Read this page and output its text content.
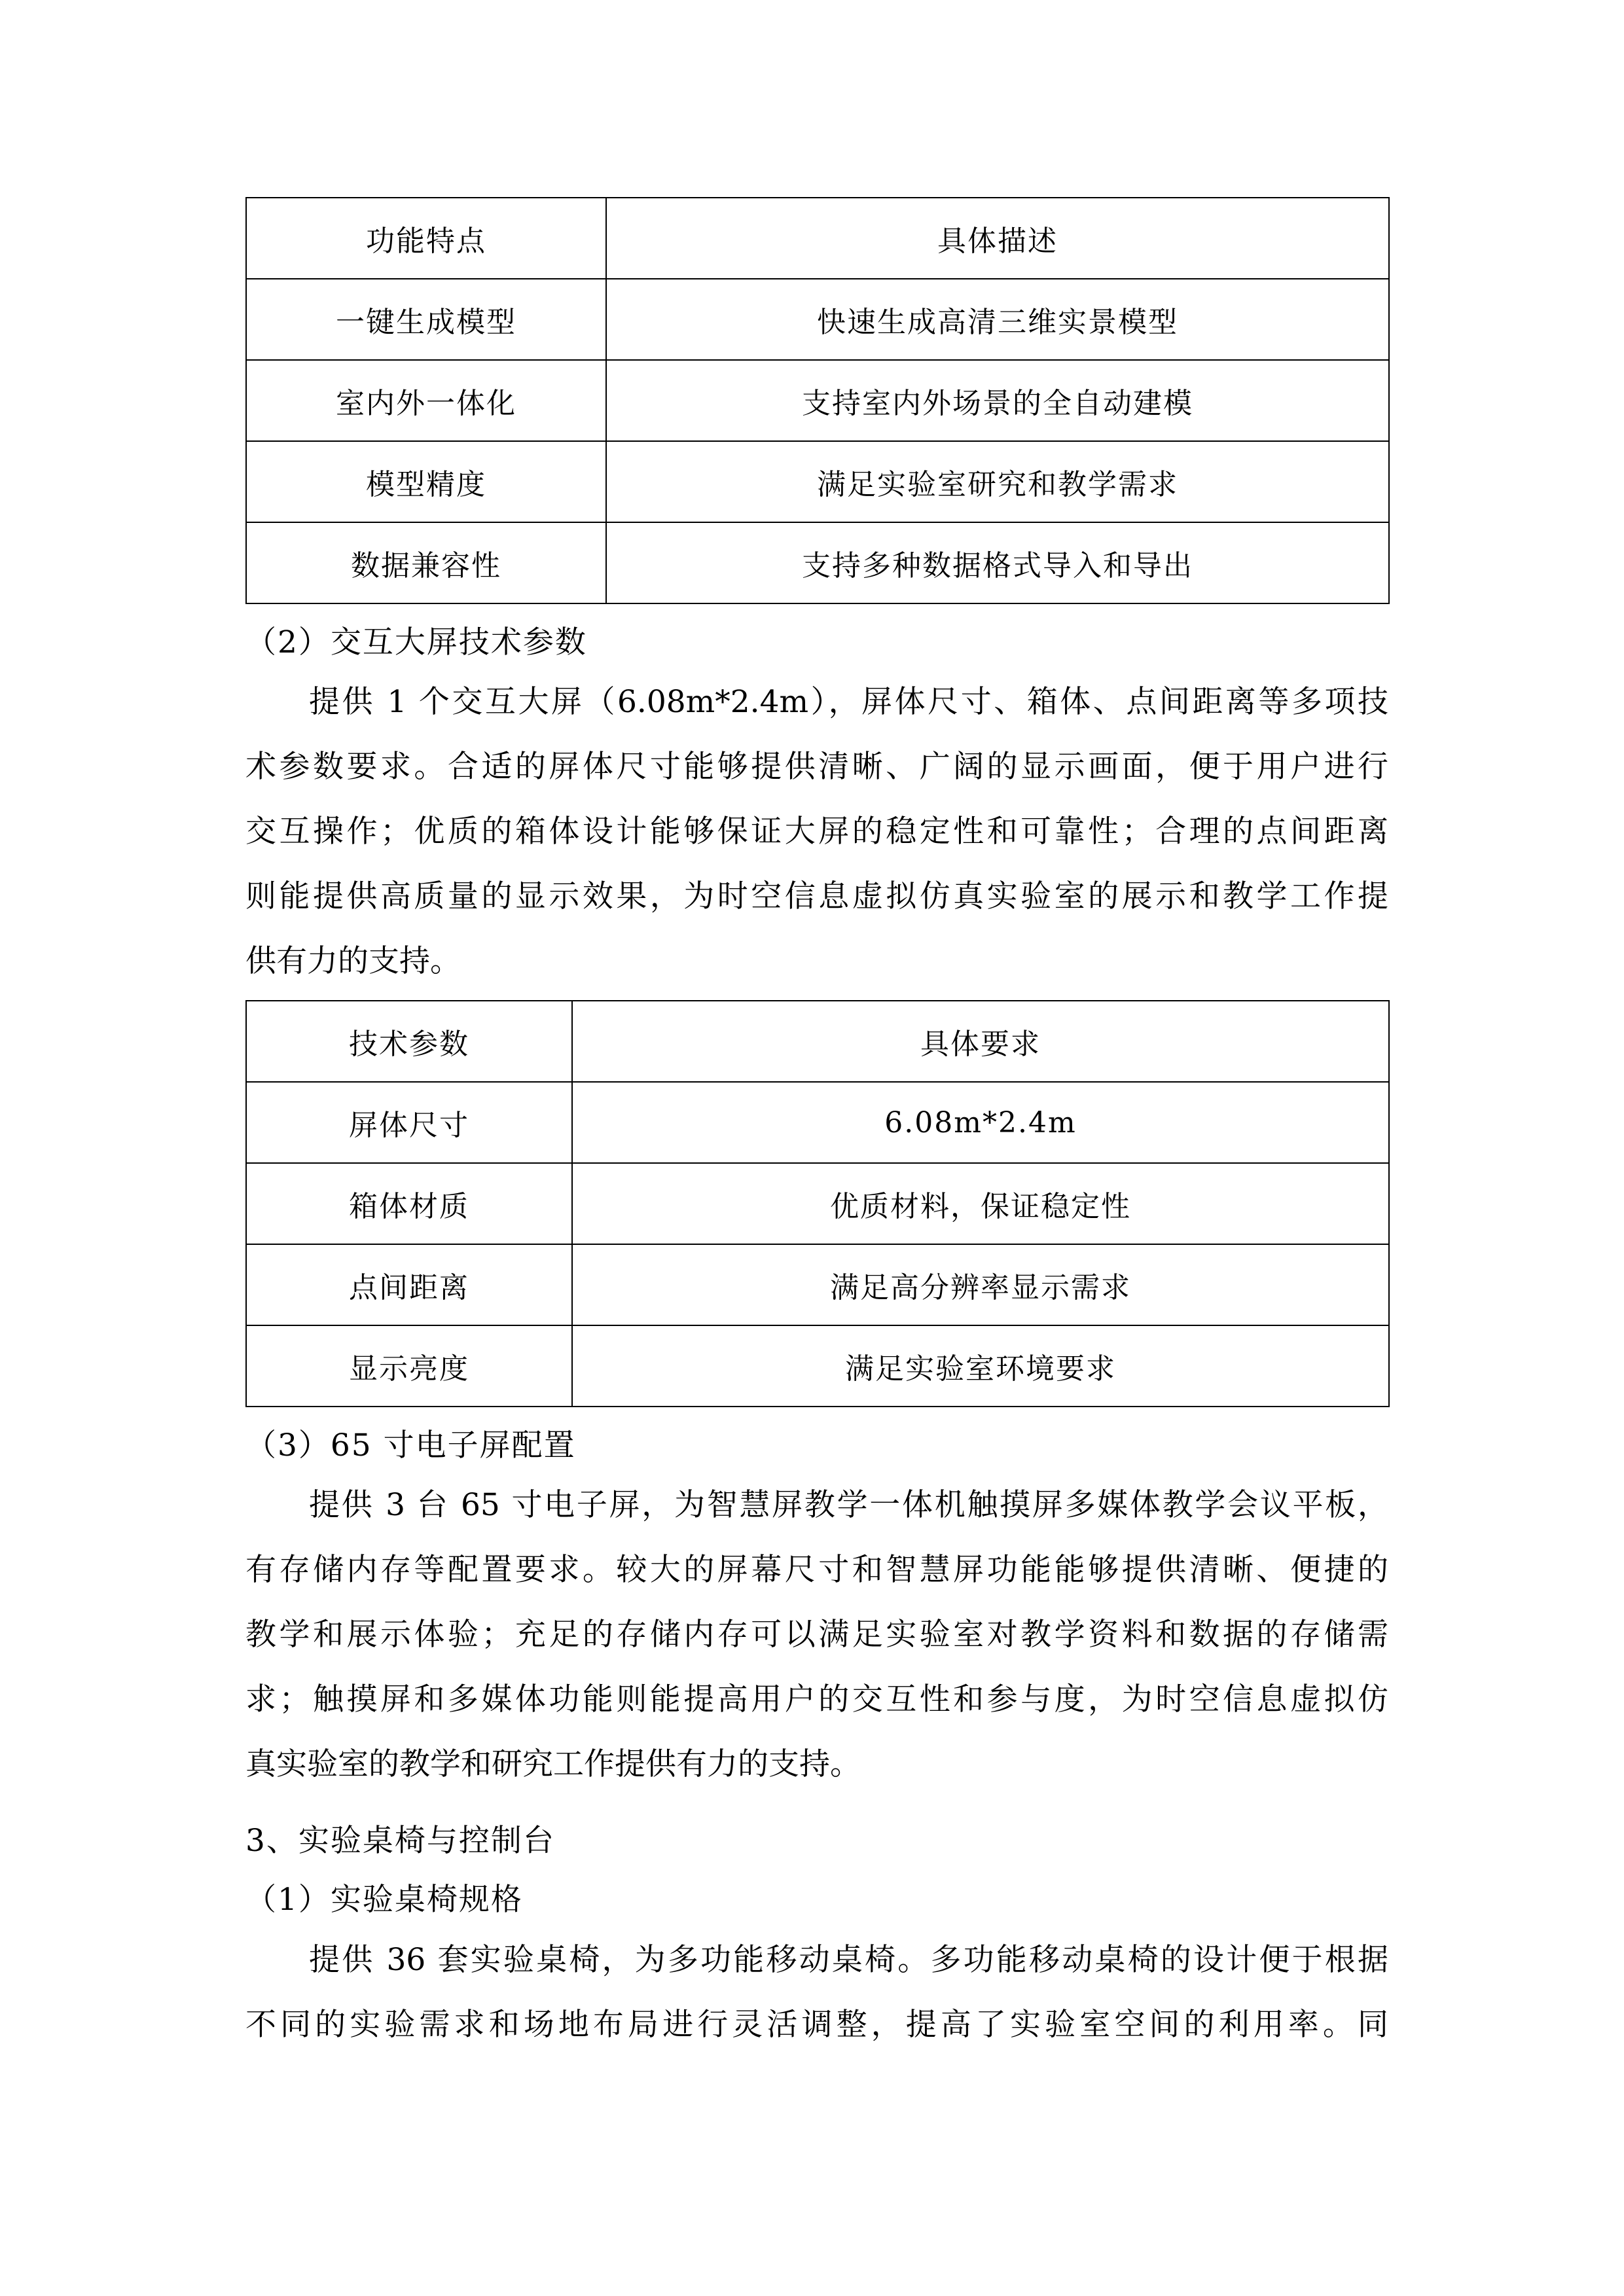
功能特点	具体描述
一键生成模型	快速生成高清三维实景模型
室内外一体化	支持室内外场景的全自动建模
模型精度	满足实验室研究和教学需求
数据兼容性	支持多种数据格式导入和导出
（2）交互大屏技术参数
提供 1 个交互大屏（6.08m*2.4m），屏体尺寸、箱体、点间距离等多项技
术参数要求。合适的屏体尺寸能够提供清晰、广阔的显示画面，便于用户进行
交互操作；优质的箱体设计能够保证大屏的稳定性和可靠性；合理的点间距离
则能提供高质量的显示效果，为时空信息虚拟仿真实验室的展示和教学工作提
供有力的支持。
技术参数	具体要求
屏体尺寸	6.08m*2.4m
箱体材质	优质材料，保证稳定性
点间距离	满足高分辨率显示需求
显示亮度	满足实验室环境要求
（3）65 寸电子屏配置
提供 3 台 65 寸电子屏，为智慧屏教学一体机触摸屏多媒体教学会议平板，
有存储内存等配置要求。较大的屏幕尺寸和智慧屏功能能够提供清晰、便捷的
教学和展示体验；充足的存储内存可以满足实验室对教学资料和数据的存储需
求；触摸屏和多媒体功能则能提高用户的交互性和参与度，为时空信息虚拟仿
真实验室的教学和研究工作提供有力的支持。
3、实验桌椅与控制台
（1）实验桌椅规格
提供 36 套实验桌椅，为多功能移动桌椅。多功能移动桌椅的设计便于根据
不同的实验需求和场地布局进行灵活调整，提高了实验室空间的利用率。同
